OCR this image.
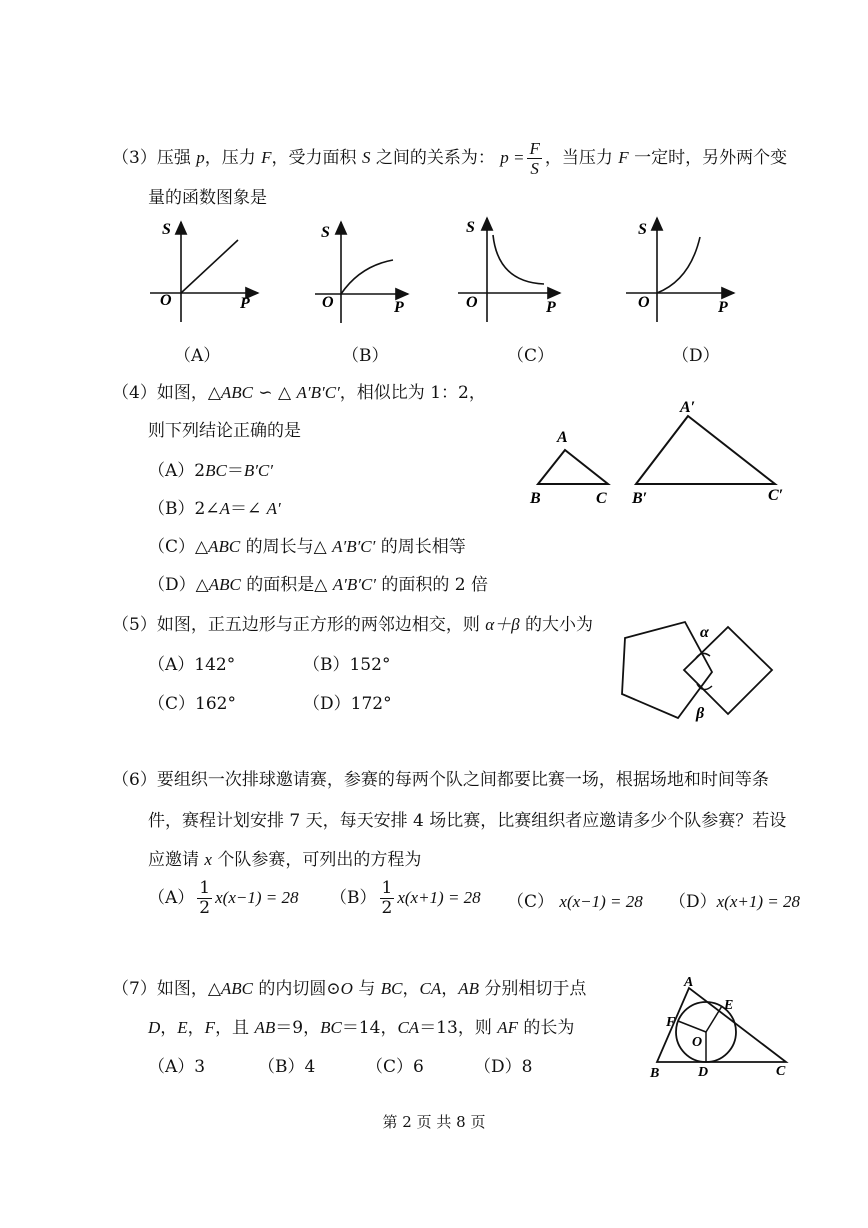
（3）压强 p，压力 F，受力面积 S 之间的关系为： $p = \frac{F}{S}$ ，当压力 F 一定时，另外两个变
量的函数图象是
S
P
O
S
P
O
S
P
O
S
P
O
（A）	（B）	（C）	（D）
（4）如图，△ABC ∽ △ A′B′C′，相似比为 1：2，
则下列结论正确的是
（A）2BC＝B′C′
（B）2∠A＝∠ A′
（C）△ABC 的周长与△ A′B′C′ 的周长相等
（D）△ABC 的面积是△ A′B′C′ 的面积的 2 倍
A
B	C
A′
B′	C′
（5）如图，正五边形与正方形的两邻边相交，则 α＋β 的大小为
（A）142°	（B）152°
（C）162°	（D）172°
α
β
（6）要组织一次排球邀请赛，参赛的每两个队之间都要比赛一场，根据场地和时间等条
件，赛程计划安排 7 天，每天安排 4 场比赛，比赛组织者应邀请多少个队参赛？若设
应邀请 x 个队参赛，可列出的方程为
$(A) \frac{1}{2} x(x-1) = 28$ $(B) \frac{1}{2} x(x+1) = 28$ （C） x(x−1) = 28 （D）x(x+1) = 28
（7）如图，△ABC 的内切圆⊙O 与 BC，CA，AB 分别相切于点
D，E，F，且 AB＝9，BC＝14，CA＝13，则 AF 的长为
（A）3	（B）4	（C）6	（D）8
A
B	C
D
E
F
O
第 2 页 共 8 页
